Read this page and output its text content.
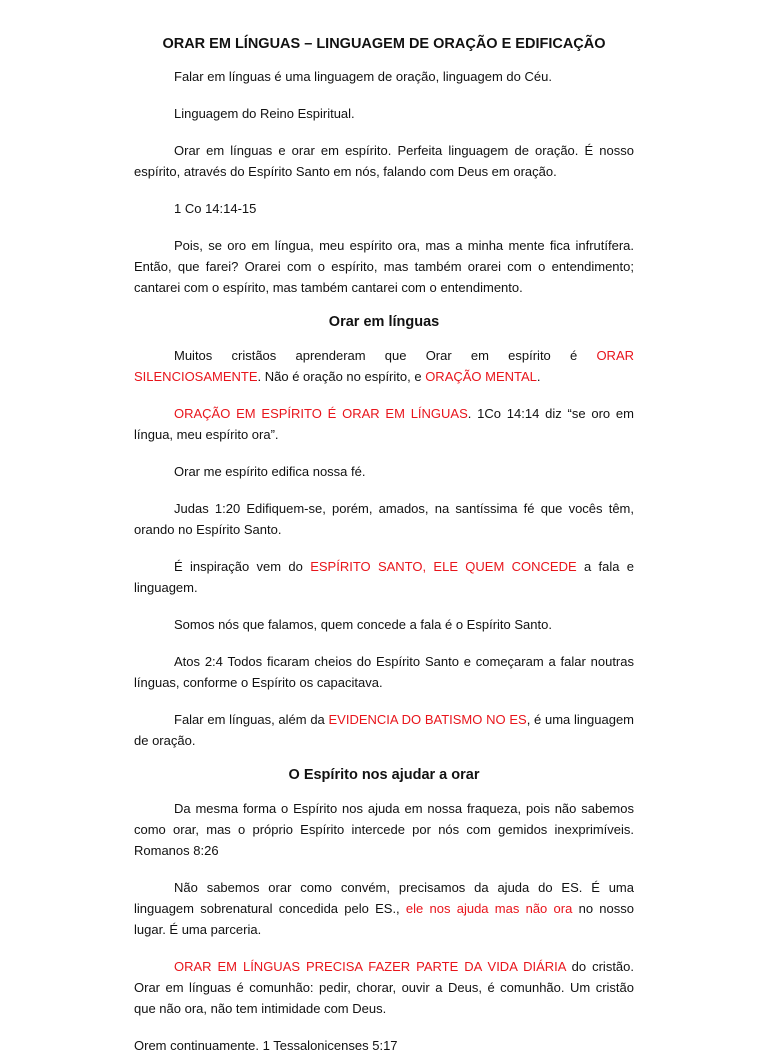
ORAR EM LÍNGUAS – LINGUAGEM DE ORAÇÃO E EDIFICAÇÃO

Falar em línguas é uma linguagem de oração, linguagem do Céu.

Linguagem do Reino Espiritual.

Orar em línguas e orar em espírito. Perfeita linguagem de oração. É nosso espírito, através do Espírito Santo em nós, falando com Deus em oração.

1 Co 14:14-15

Pois, se oro em língua, meu espírito ora, mas a minha mente fica infrutífera. Então, que farei? Orarei com o espírito, mas também orarei com o entendimento; cantarei com o espírito, mas também cantarei com o entendimento.

Orar em línguas

Muitos cristãos aprenderam que Orar em espírito é ORAR SILENCIOSAMENTE. Não é oração no espírito, e ORAÇÃO MENTAL.

ORAÇÃO EM ESPÍRITO É ORAR EM LÍNGUAS. 1Co 14:14 diz “se oro em língua, meu espírito ora”.

Orar me espírito edifica nossa fé.

Judas 1:20 Edifiquem-se, porém, amados, na santíssima fé que vocês têm, orando no Espírito Santo.

É inspiração vem do ESPÍRITO SANTO, ELE QUEM CONCEDE a fala e linguagem.

Somos nós que falamos, quem concede a fala é o Espírito Santo.

Atos 2:4 Todos ficaram cheios do Espírito Santo e começaram a falar noutras línguas, conforme o Espírito os capacitava.

Falar em línguas, além da EVIDENCIA DO BATISMO NO ES, é uma linguagem de oração.

O Espírito nos ajudar a orar

Da mesma forma o Espírito nos ajuda em nossa fraqueza, pois não sabemos como orar, mas o próprio Espírito intercede por nós com gemidos inexprimíveis. Romanos 8:26

Não sabemos orar como convém, precisamos da ajuda do ES. É uma linguagem sobrenatural concedida pelo ES., ele nos ajuda mas não ora no nosso lugar. É uma parceria.

ORAR EM LÍNGUAS PRECISA FAZER PARTE DA VIDA DIÁRIA do cristão. Orar em línguas é comunhão: pedir, chorar, ouvir a Deus, é comunhão. Um cristão que não ora, não tem intimidade com Deus.

Orem continuamente. 1 Tessalonicenses 5:17
